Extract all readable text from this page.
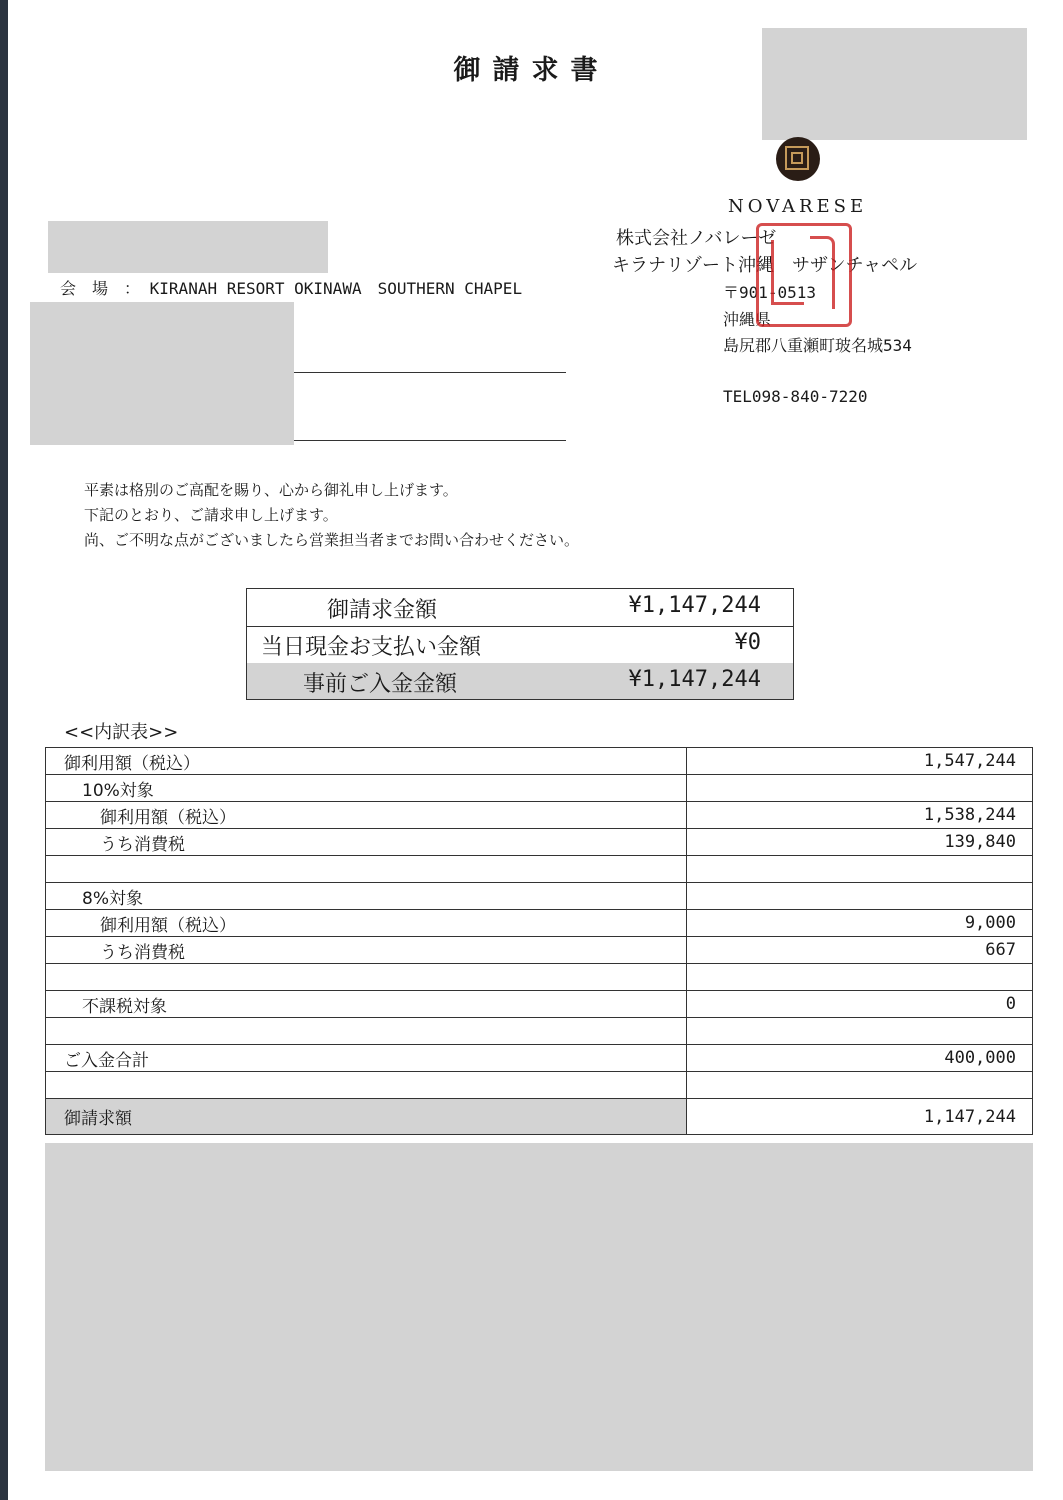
御請求書
NOVARESE
株式会社ノバレーゼ
キラナリゾート沖縄　サザンチャペル
〒901-0513
沖縄県
島尻郡八重瀬町玻名城534
TEL098-840-7220
会　場　： KIRANAH RESORT OKINAWA　SOUTHERN CHAPEL
平素は格別のご高配を賜り、心から御礼申し上げます。
下記のとおり、ご請求申し上げます。
尚、ご不明な点がございましたら営業担当者までお問い合わせください。
御請求金額	¥1,147,244
当日現金お支払い金額	¥0
事前ご入金金額	¥1,147,244
<<内訳表>>
御利用額（税込）	1,547,244
10%対象	
御利用額（税込）	1,538,244
うち消費税	139,840

8%対象	
御利用額（税込）	9,000
うち消費税	667

不課税対象	0

ご入金合計	400,000

御請求額	1,147,244
